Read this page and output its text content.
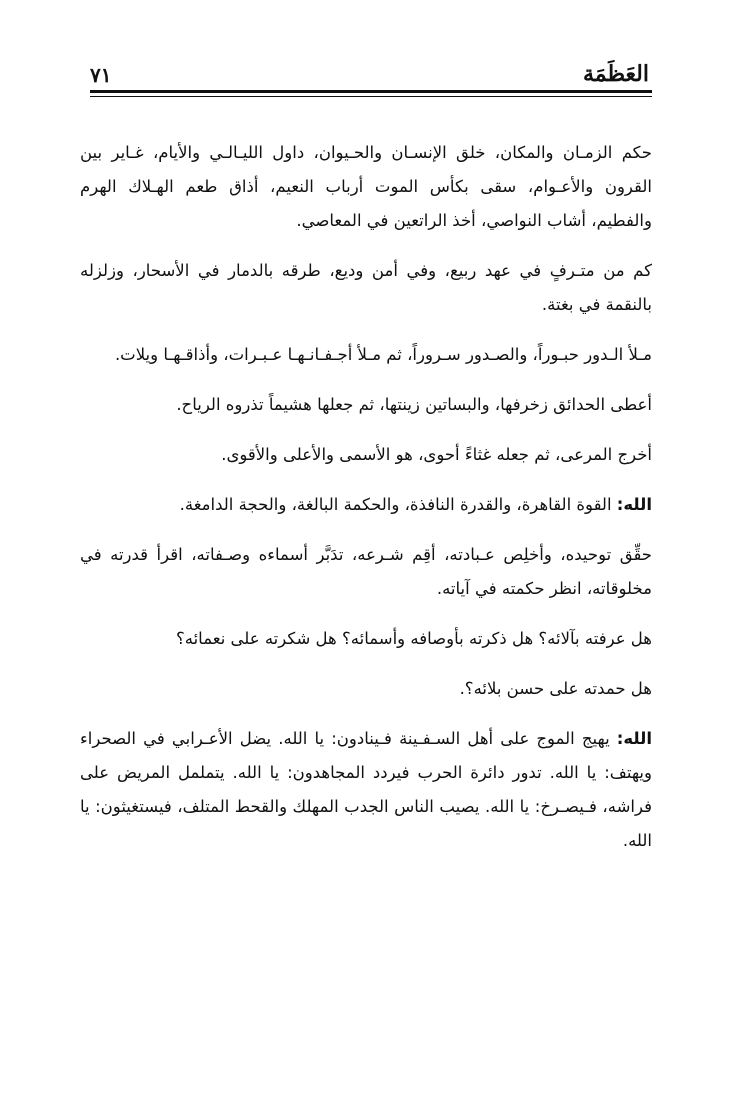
العَظَمَة
٧١

حكم الزمـان والمكان، خلق الإنسـان والحـيوان، داول الليـالـي والأيام، غـاير بين القرون والأعـوام، سقى بكأس الموت أرباب النعيم، أذاق طعم الهـلاك الهرم والفطيم، أشاب النواصي، أخذ الراتعين في المعاصي.

كم من متـرفٍ في عهد ربيع، وفي أمن وديع، طرقه بالدمار في الأسحار، وزلزله بالنقمة في بغتة.

مـلأ الـدور حبـوراً، والصـدور سـروراً، ثم مـلأ أجـفـانـهـا عـبـرات، وأذاقـهـا ويلات.

أعطى الحدائق زخرفها، والبساتين زينتها، ثم جعلها هشيماً تذروه الرياح.

أخرج المرعى، ثم جعله غثاءً أحوى، هو الأسمى والأعلى والأقوى.

الله: القوة القاهرة، والقدرة النافذة، والحكمة البالغة، والحجة الدامغة.

حقِّق توحيده، وأخلِص عـبادته، أقِم شـرعه، تدَبَّر أسماءه وصـفاته، اقرأ قدرته في مخلوقاته، انظر حكمته في آياته.

هل عرفته بآلائه؟ هل ذكرته بأوصافه وأسمائه؟ هل شكرته على نعمائه؟

هل حمدته على حسن بلائه؟.

الله: يهيج الموج على أهل السـفـينة فـينادون: يا الله. يضل الأعـرابي في الصحراء ويهتف: يا الله. تدور دائرة الحرب فيردد المجاهدون: يا الله. يتململ المريض على فراشه، فـيصـرخ: يا الله. يصيب الناس الجدب المهلك والقحط المتلف، فيستغيثون: يا الله.
